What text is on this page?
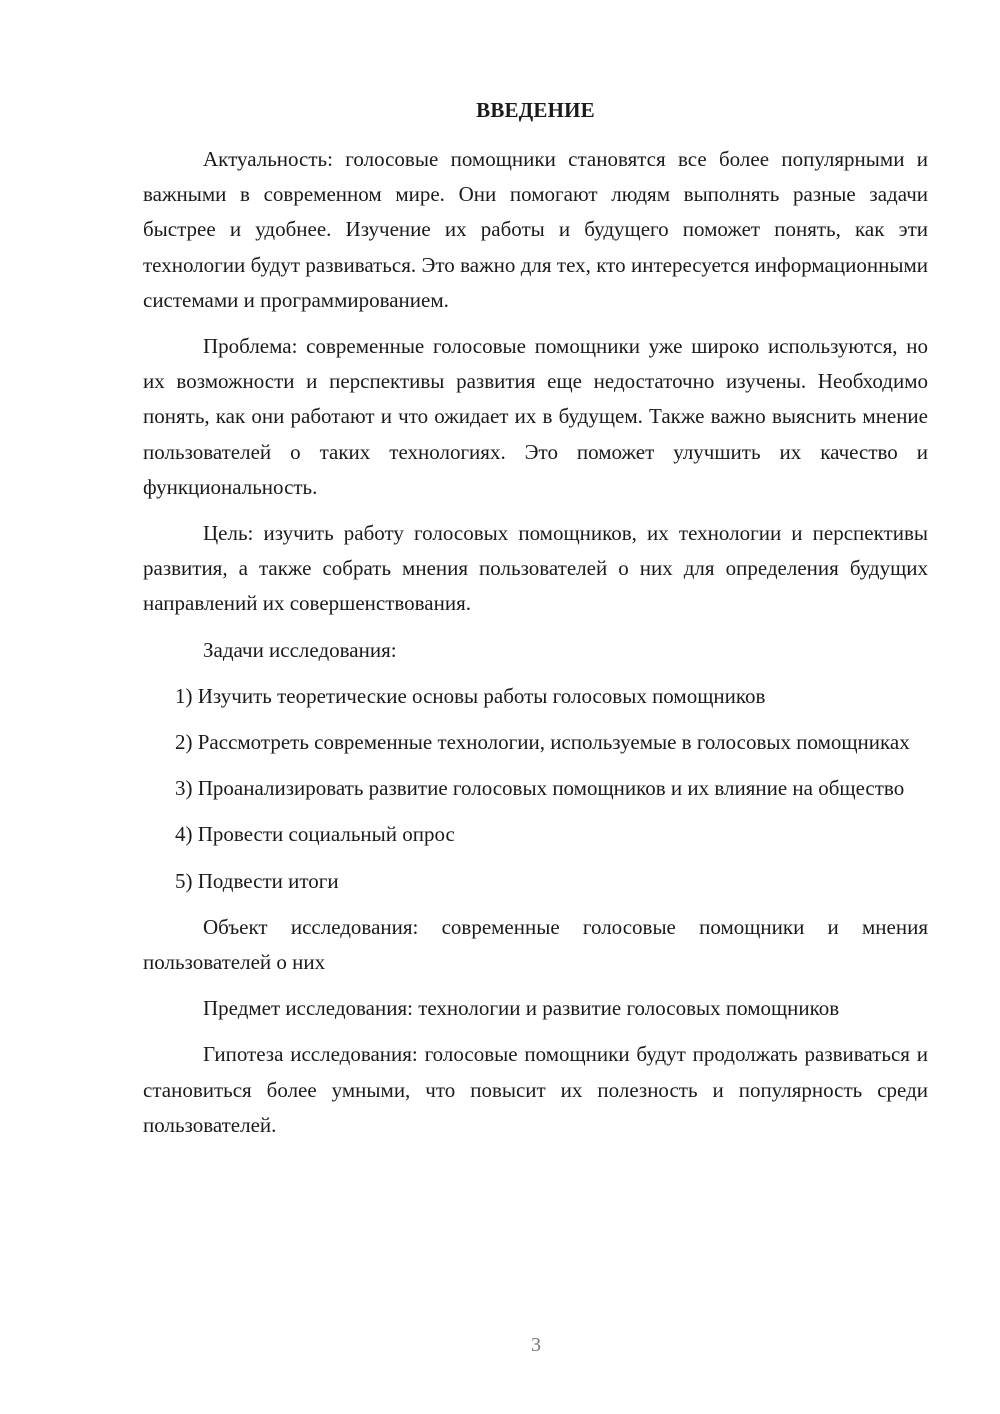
ВВЕДЕНИЕ

Актуальность: голосовые помощники становятся все более популярными и важными в современном мире. Они помогают людям выполнять разные задачи быстрее и удобнее. Изучение их работы и будущего поможет понять, как эти технологии будут развиваться. Это важно для тех, кто интересуется информационными системами и программированием.

Проблема: современные голосовые помощники уже широко используются, но их возможности и перспективы развития еще недостаточно изучены. Необходимо понять, как они работают и что ожидает их в будущем. Также важно выяснить мнение пользователей о таких технологиях. Это поможет улучшить их качество и функциональность.

Цель: изучить работу голосовых помощников, их технологии и перспективы развития, а также собрать мнения пользователей о них для определения будущих направлений их совершенствования.

Задачи исследования:

1) Изучить теоретические основы работы голосовых помощников

2) Рассмотреть современные технологии, используемые в голосовых помощниках

3) Проанализировать развитие голосовых помощников и их влияние на общество

4) Провести социальный опрос

5) Подвести итоги

Объект исследования: современные голосовые помощники и мнения пользователей о них

Предмет исследования: технологии и развитие голосовых помощников

Гипотеза исследования: голосовые помощники будут продолжать развиваться и становиться более умными, что повысит их полезность и популярность среди пользователей.

3
